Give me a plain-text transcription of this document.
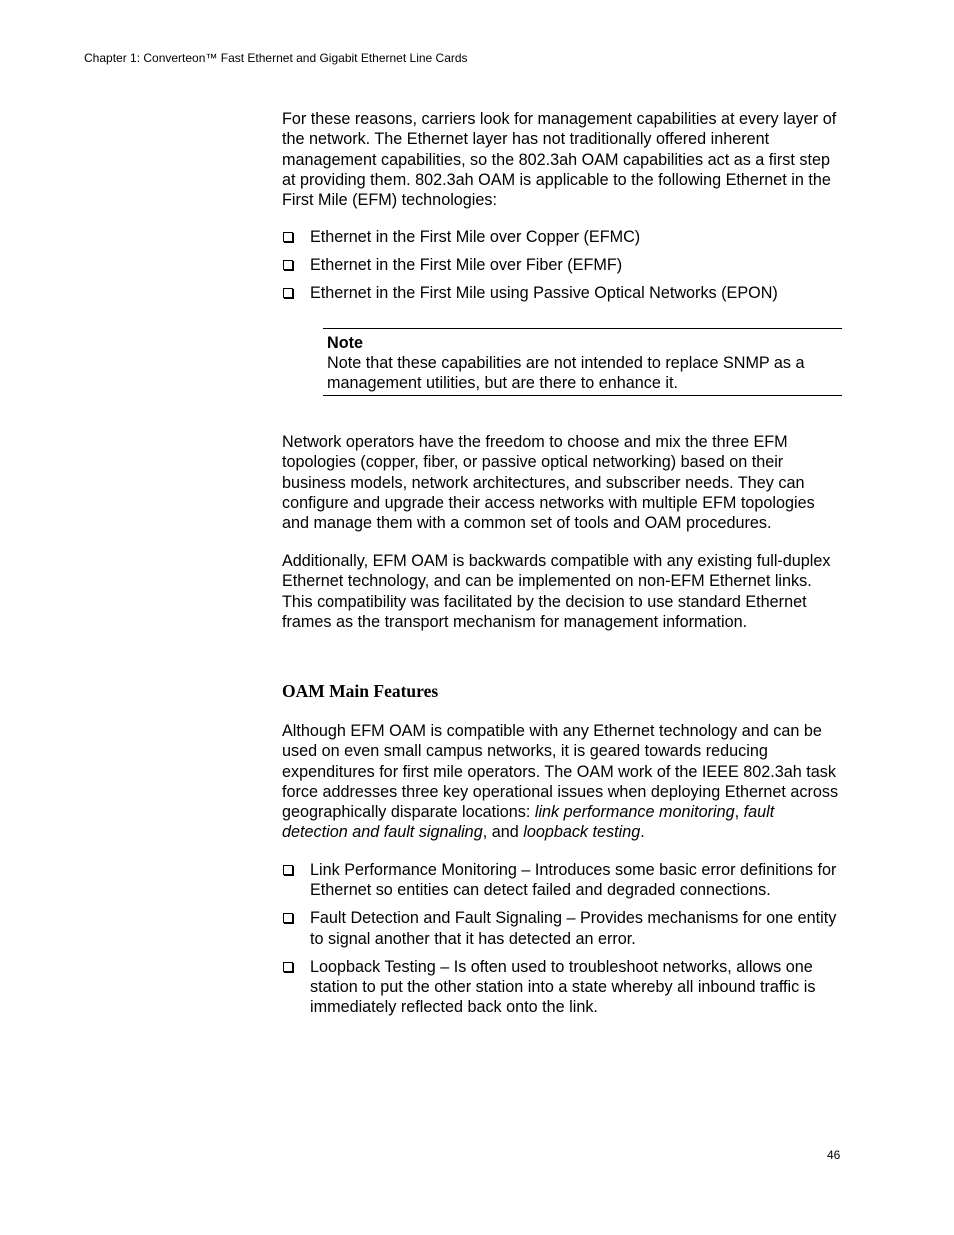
Chapter 1: Converteon™ Fast Ethernet and Gigabit Ethernet Line Cards

For these reasons, carriers look for management capabilities at every layer of the network. The Ethernet layer has not traditionally offered inherent management capabilities, so the 802.3ah OAM capabilities act as a first step at providing them. 802.3ah OAM is applicable to the following Ethernet in the First Mile (EFM) technologies:

Ethernet in the First Mile over Copper (EFMC)
Ethernet in the First Mile over Fiber (EFMF)
Ethernet in the First Mile using Passive Optical Networks (EPON)
Note
Note that these capabilities are not intended to replace SNMP as a management utilities, but are there to enhance it.

Network operators have the freedom to choose and mix the three EFM topologies (copper, fiber, or passive optical networking) based on their business models, network architectures, and subscriber needs. They can configure and upgrade their access networks with multiple EFM topologies and manage them with a common set of tools and OAM procedures.

Additionally, EFM OAM is backwards compatible with any existing full-duplex Ethernet technology, and can be implemented on non-EFM Ethernet links. This compatibility was facilitated by the decision to use standard Ethernet frames as the transport mechanism for management information.

OAM Main Features

Although EFM OAM is compatible with any Ethernet technology and can be used on even small campus networks, it is geared towards reducing expenditures for first mile operators. The OAM work of the IEEE 802.3ah task force addresses three key operational issues when deploying Ethernet across geographically disparate locations: link performance monitoring, fault detection and fault signaling, and loopback testing.

Link Performance Monitoring – Introduces some basic error definitions for Ethernet so entities can detect failed and degraded connections.
Fault Detection and Fault Signaling – Provides mechanisms for one entity to signal another that it has detected an error.
Loopback Testing – Is often used to troubleshoot networks, allows one station to put the other station into a state whereby all inbound traffic is immediately reflected back onto the link.
46
